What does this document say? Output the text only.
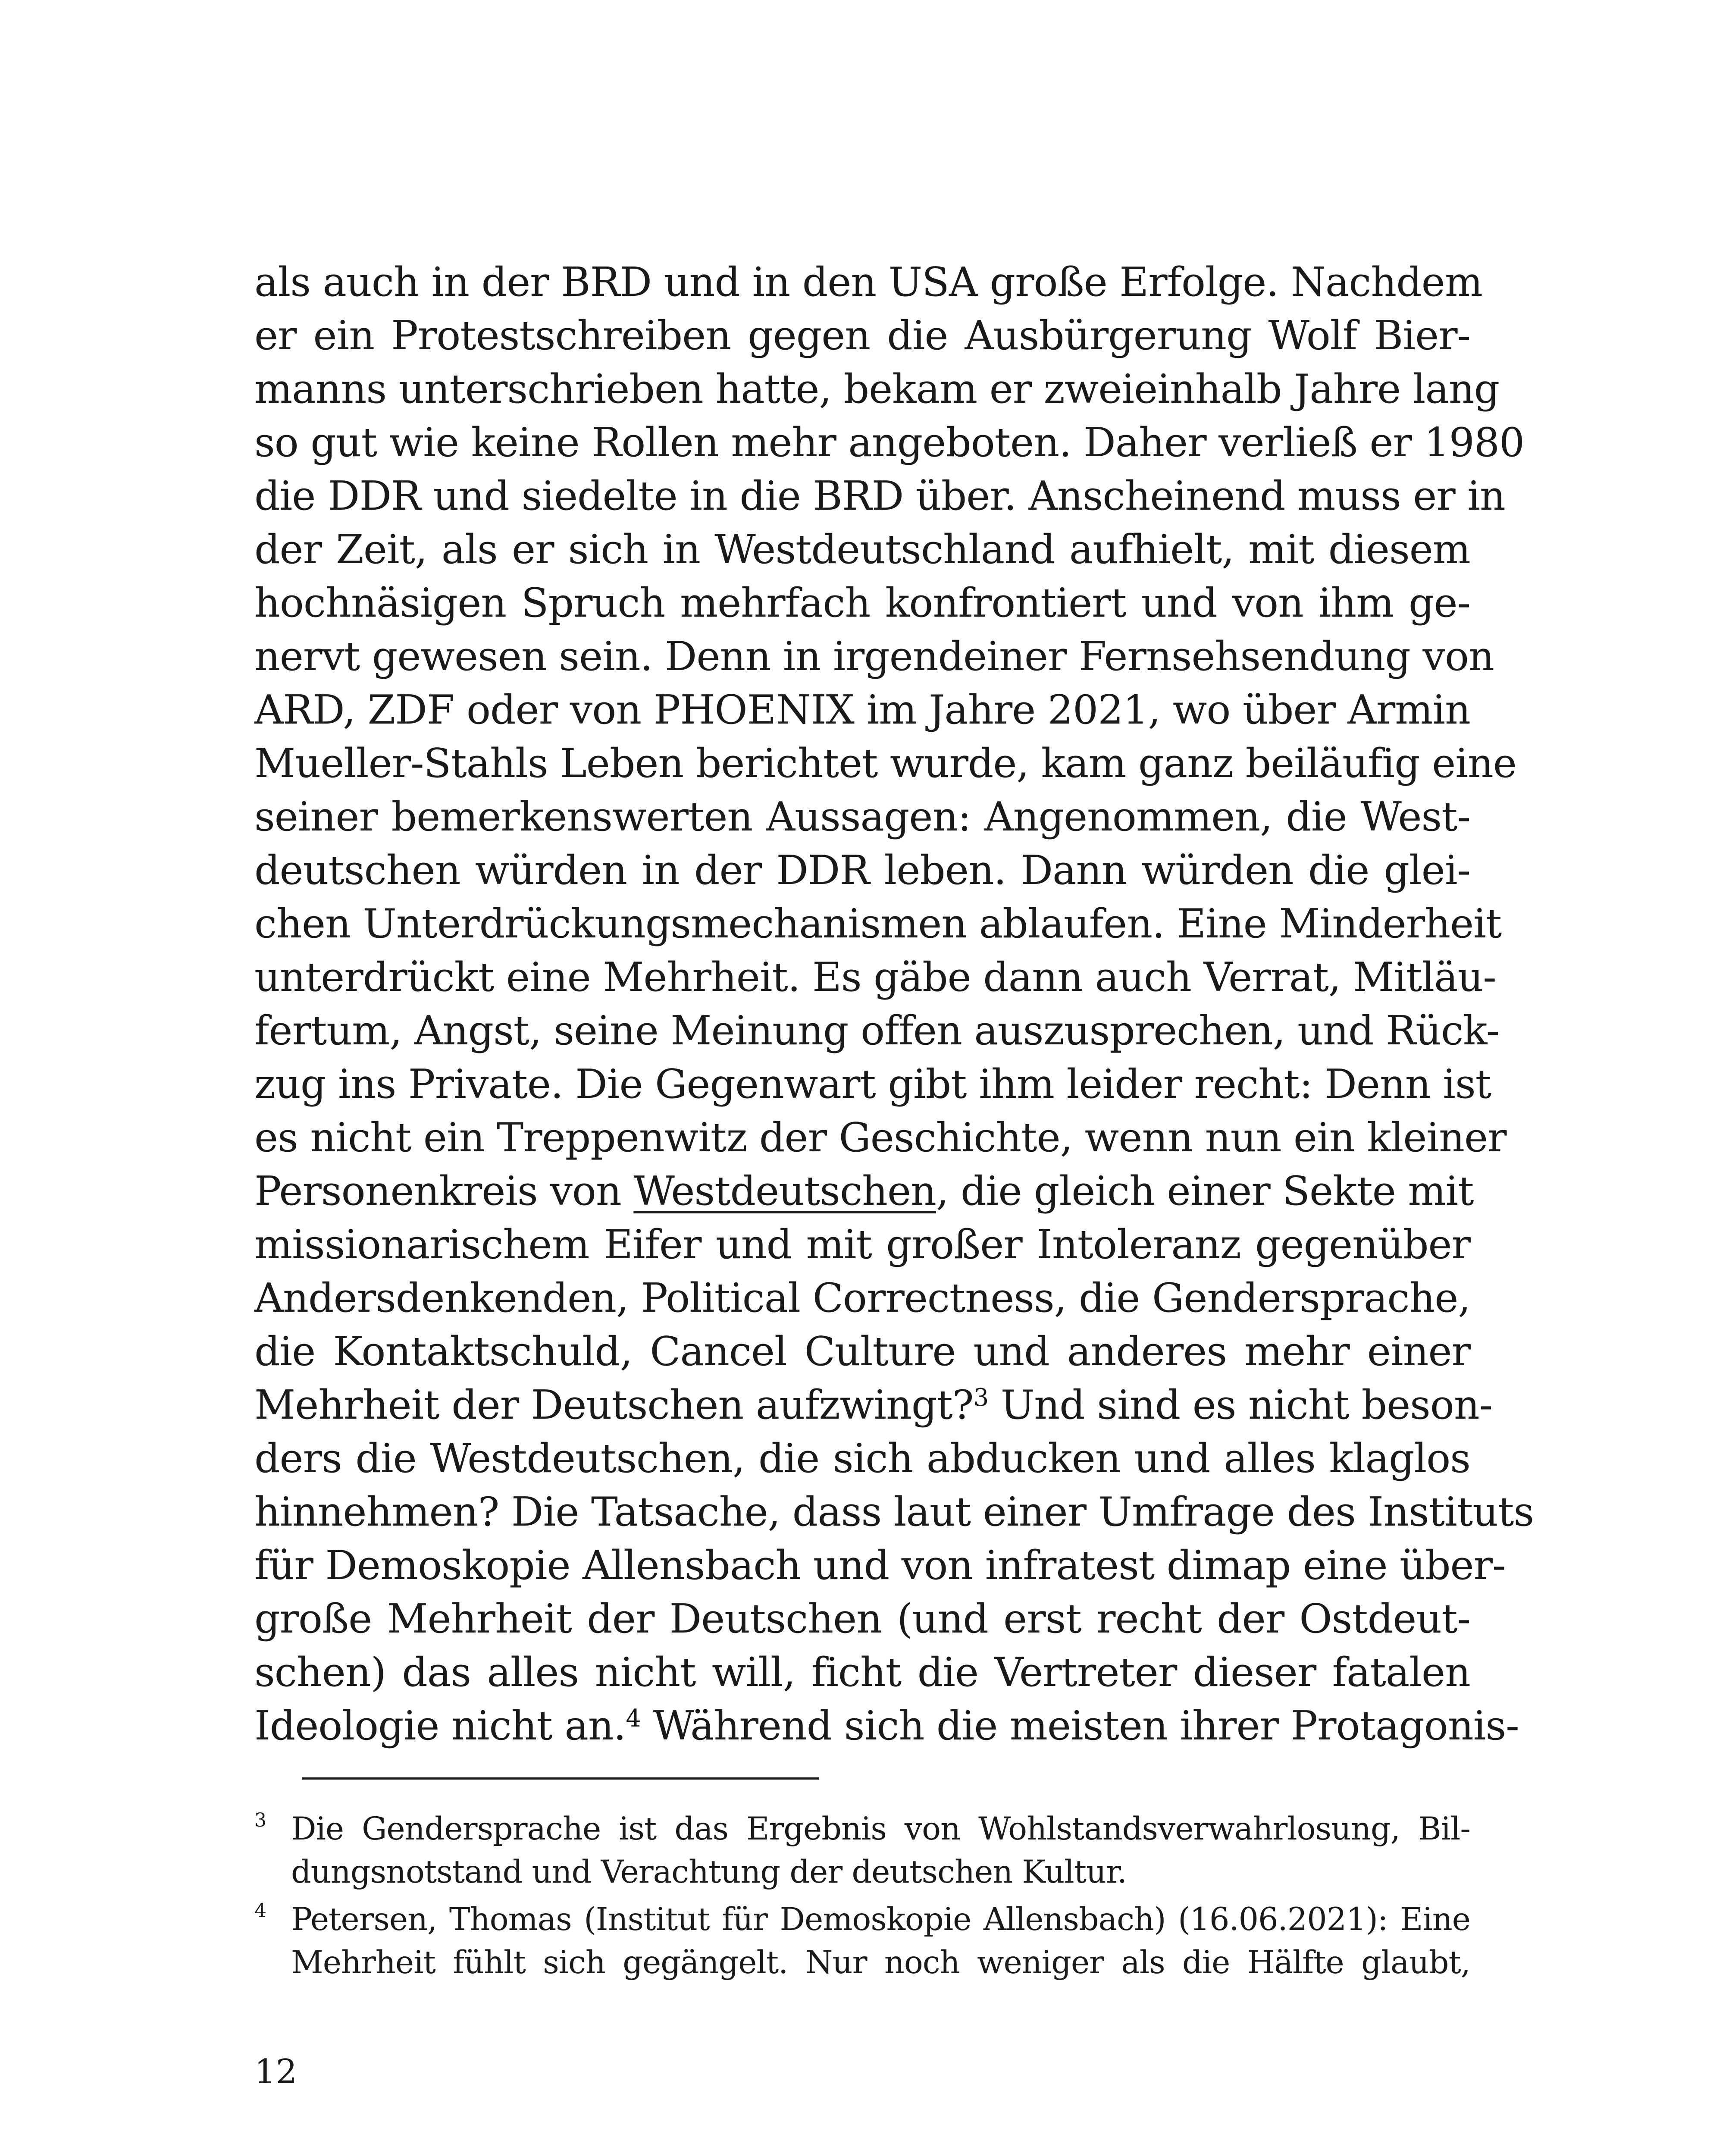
als auch in der BRD und in den USA große Erfolge. Nachdem
er ein Protestschreiben gegen die Ausbürgerung Wolf Bier-
manns unterschrieben hatte, bekam er zweieinhalb Jahre lang
so gut wie keine Rollen mehr angeboten. Daher verließ er 1980
die DDR und siedelte in die BRD über. Anscheinend muss er in
der Zeit, als er sich in Westdeutschland aufhielt, mit diesem
hochnäsigen Spruch mehrfach konfrontiert und von ihm ge-
nervt gewesen sein. Denn in irgendeiner Fernsehsendung von
ARD, ZDF oder von PHOENIX im Jahre 2021, wo über Armin
Mueller-Stahls Leben berichtet wurde, kam ganz beiläufig eine
seiner bemerkenswerten Aussagen: Angenommen, die West-
deutschen würden in der DDR leben. Dann würden die glei-
chen Unterdrückungsmechanismen ablaufen. Eine Minderheit
unterdrückt eine Mehrheit. Es gäbe dann auch Verrat, Mitläu-
fertum, Angst, seine Meinung offen auszusprechen, und Rück-
zug ins Private. Die Gegenwart gibt ihm leider recht: Denn ist
es nicht ein Treppenwitz der Geschichte, wenn nun ein kleiner
Personenkreis von Westdeutschen, die gleich einer Sekte mit
missionarischem Eifer und mit großer Intoleranz gegenüber
Andersdenkenden, Political Correctness, die Gendersprache,
die Kontaktschuld, Cancel Culture und anderes mehr einer
Mehrheit der Deutschen aufzwingt?$^3$ Und sind es nicht beson-
ders die Westdeutschen, die sich abducken und alles klaglos
hinnehmen? Die Tatsache, dass laut einer Umfrage des Instituts
für Demoskopie Allensbach und von infratest dimap eine über-
große Mehrheit der Deutschen (und erst recht der Ostdeut-
schen) das alles nicht will, ficht die Vertreter dieser fatalen
Ideologie nicht an.$^4$ Während sich die meisten ihrer Protagonis-
3 Die Gendersprache ist das Ergebnis von Wohlstandsverwahrlosung, Bil-
dungsnotstand und Verachtung der deutschen Kultur.
4 Petersen, Thomas (Institut für Demoskopie Allensbach) (16.06.2021): Eine
Mehrheit fühlt sich gegängelt. Nur noch weniger als die Hälfte glaubt,
12
